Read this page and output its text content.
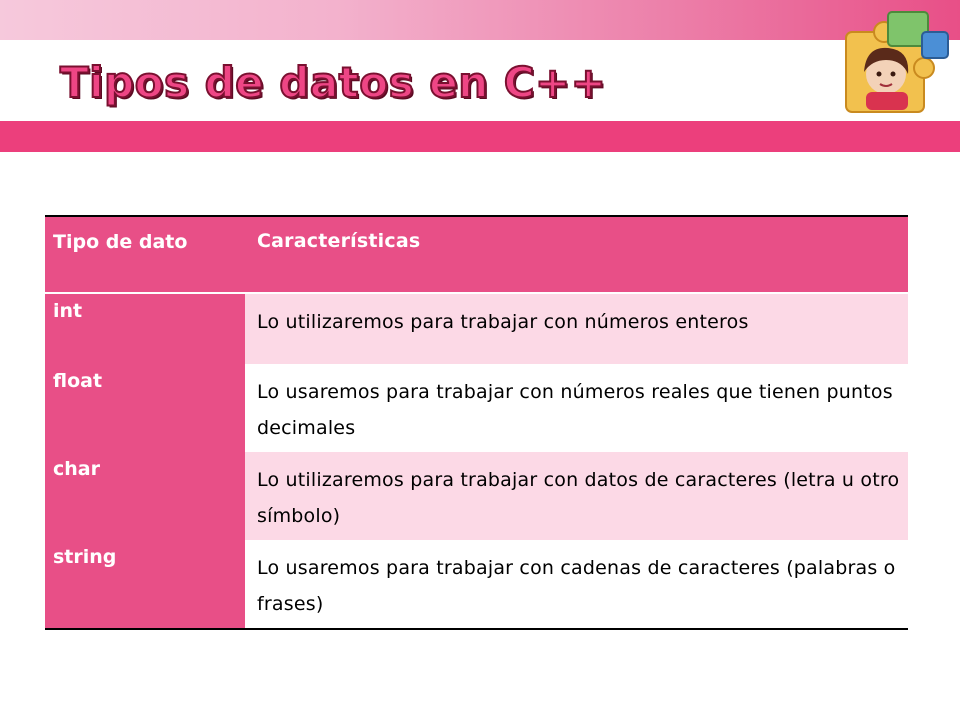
Tipos de datos en C++
Tipo de dato	Características
int	Lo utilizaremos para trabajar con números enteros
float	Lo usaremos para trabajar con números reales que tienen puntos decimales
char	Lo utilizaremos para trabajar con datos de caracteres (letra u otro símbolo)
string	Lo usaremos para trabajar con cadenas de caracteres (palabras o frases)
